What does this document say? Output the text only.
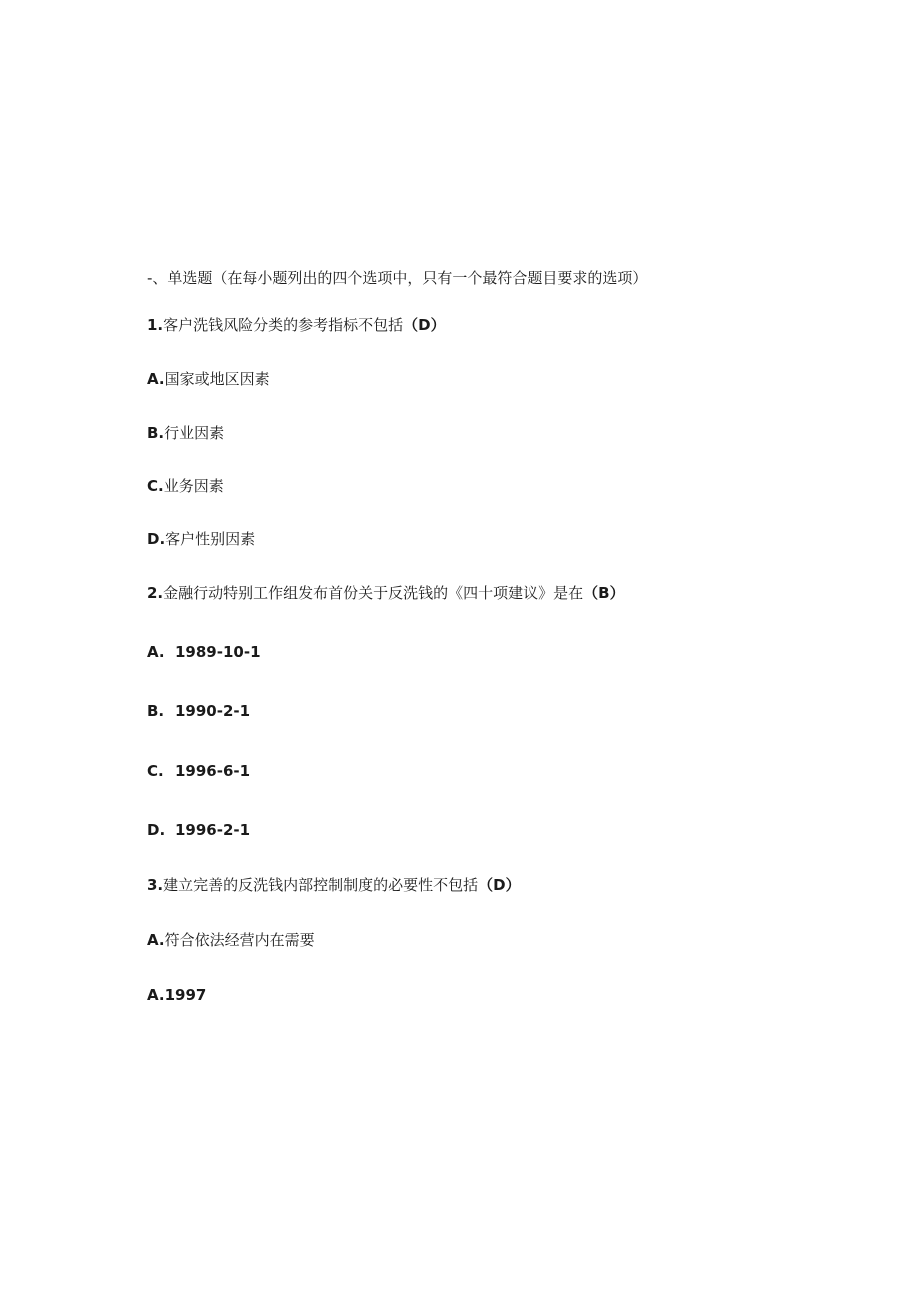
-、单选题（在每小题列出的四个选项中，只有一个最符合题目要求的选项）
1.客户洗钱风险分类的参考指标不包括（D）
A.国家或地区因素
B.行业因素
C.业务因素
D.客户性别因素
2.金融行动特别工作组发布首份关于反洗钱的《四十项建议》是在（B）
A. 1989-10-1
B. 1990-2-1
C. 1996-6-1
D. 1996-2-1
3.建立完善的反洗钱内部控制制度的必要性不包括（D）
A.符合依法经营内在需要
A.1997
